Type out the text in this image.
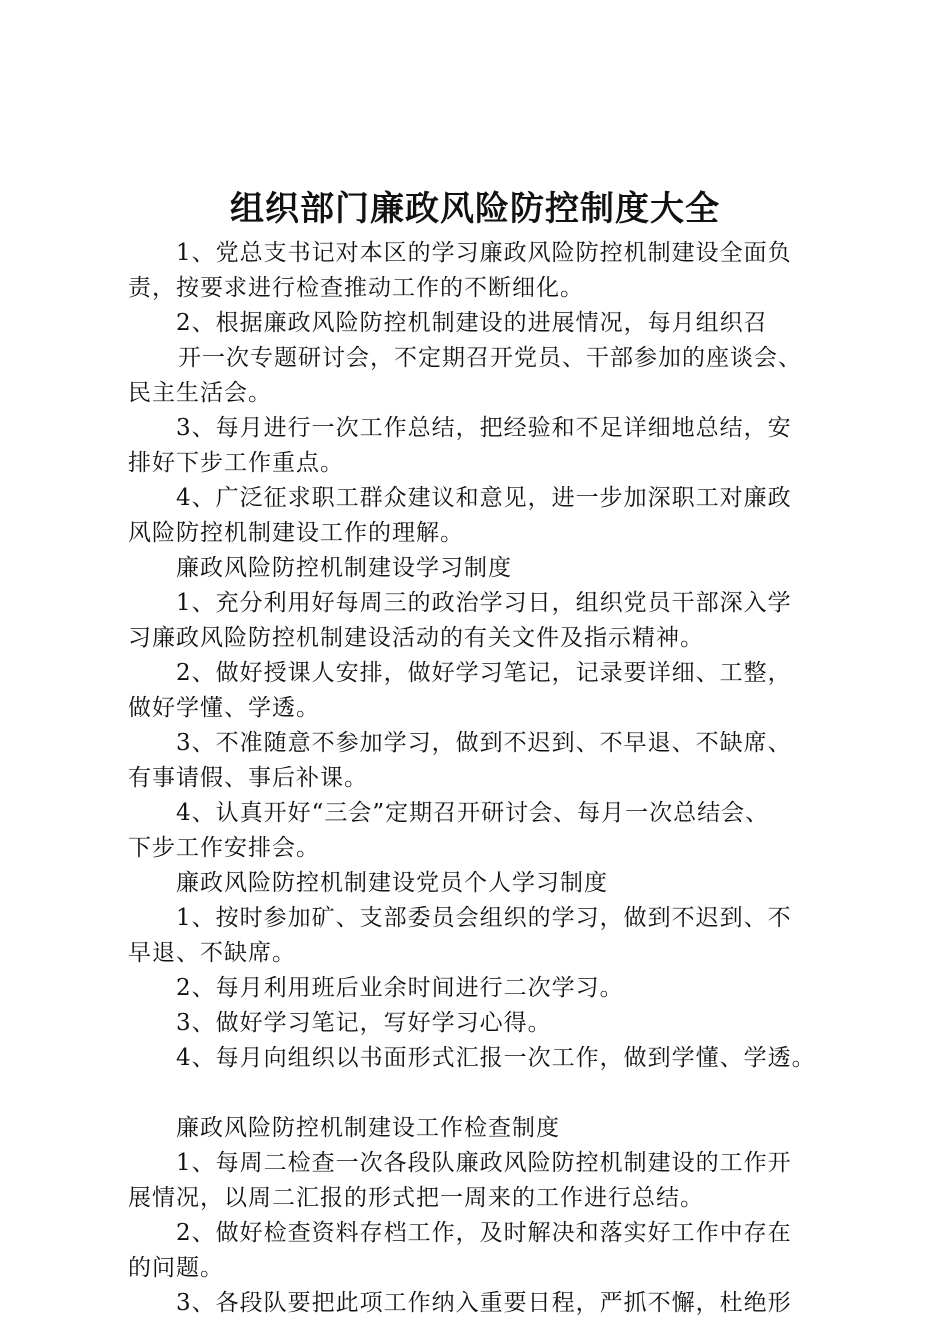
组织部门廉政风险防控制度大全
1、党总支书记对本区的学习廉政风险防控机制建设全面负
责，按要求进行检查推动工作的不断细化。
2、根据廉政风险防控机制建设的进展情况，每月组织召
开一次专题研讨会，不定期召开党员、干部参加的座谈会、
民主生活会。
3、每月进行一次工作总结，把经验和不足详细地总结，安
排好下步工作重点。
4、广泛征求职工群众建议和意见，进一步加深职工对廉政
风险防控机制建设工作的理解。
廉政风险防控机制建设学习制度
1、充分利用好每周三的政治学习日，组织党员干部深入学
习廉政风险防控机制建设活动的有关文件及指示精神。
2、做好授课人安排，做好学习笔记，记录要详细、工整，
做好学懂、学透。
3、不准随意不参加学习，做到不迟到、不早退、不缺席、
有事请假、事后补课。
4、认真开好“三会”定期召开研讨会、每月一次总结会、
下步工作安排会。
廉政风险防控机制建设党员个人学习制度
1、按时参加矿、支部委员会组织的学习，做到不迟到、不
早退、不缺席。
2、每月利用班后业余时间进行二次学习。
3、做好学习笔记，写好学习心得。
4、每月向组织以书面形式汇报一次工作，做到学懂、学透。
廉政风险防控机制建设工作检查制度
1、每周二检查一次各段队廉政风险防控机制建设的工作开
展情况，以周二汇报的形式把一周来的工作进行总结。
2、做好检查资料存档工作，及时解决和落实好工作中存在
的问题。
3、各段队要把此项工作纳入重要日程，严抓不懈，杜绝形
